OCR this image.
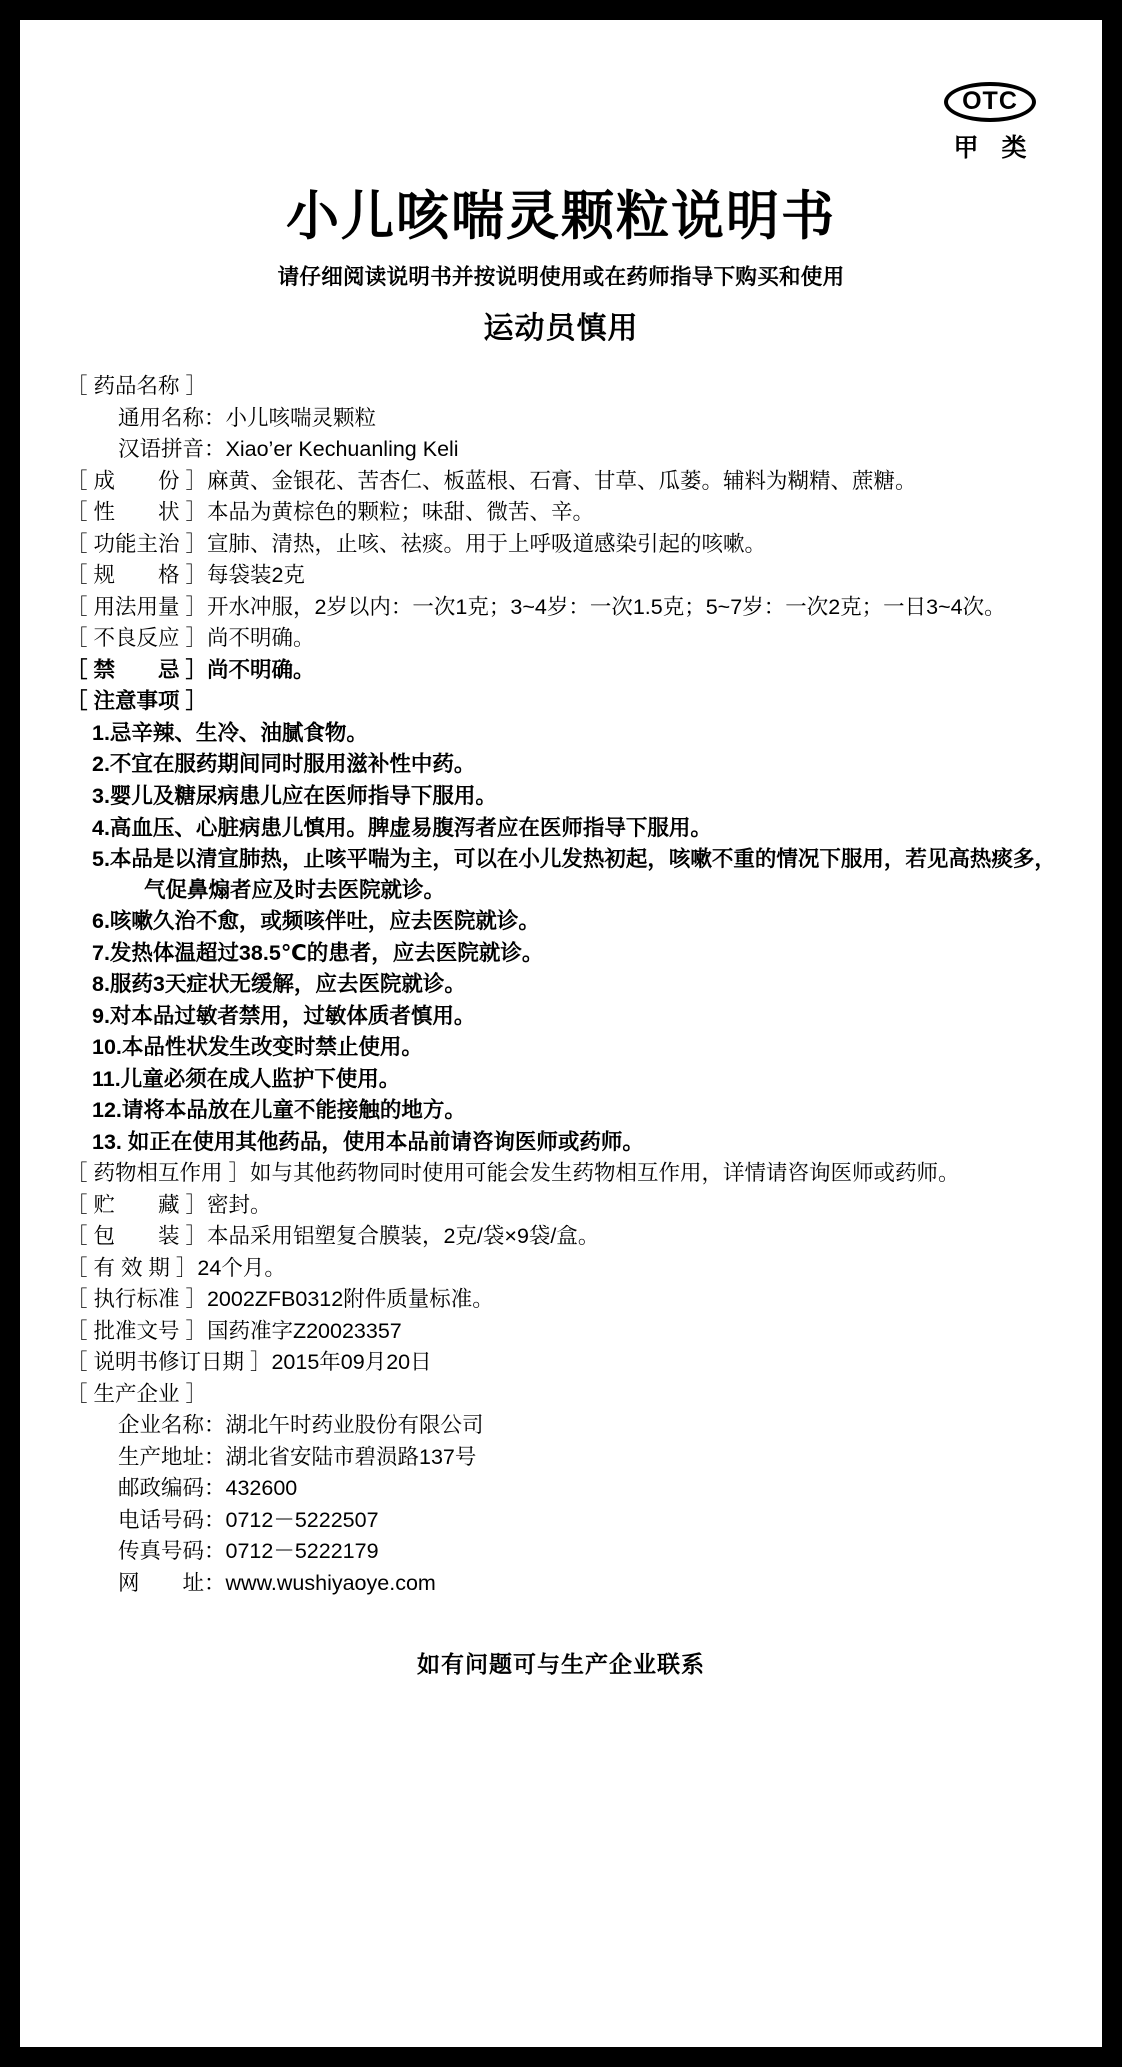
OTC
甲 类
小儿咳喘灵颗粒说明书
请仔细阅读说明书并按说明使用或在药师指导下购买和使用
运动员慎用
［ 药品名称 ］
通用名称：小儿咳喘灵颗粒
汉语拼音：Xiao’er Kechuanling Keli
［ 成　　份 ］麻黄、金银花、苦杏仁、板蓝根、石膏、甘草、瓜蒌。辅料为糊精、蔗糖。
［ 性　　状 ］本品为黄棕色的颗粒；味甜、微苦、辛。
［ 功能主治 ］宣肺、清热，止咳、祛痰。用于上呼吸道感染引起的咳嗽。
［ 规　　格 ］每袋装2克
［ 用法用量 ］开水冲服，2岁以内：一次1克；3~4岁：一次1.5克；5~7岁：一次2克；一日3~4次。
［ 不良反应 ］尚不明确。
［ 禁　　忌 ］尚不明确。
［ 注意事项 ］
1.忌辛辣、生冷、油腻食物。
2.不宜在服药期间同时服用滋补性中药。
3.婴儿及糖尿病患儿应在医师指导下服用。
4.高血压、心脏病患儿慎用。脾虚易腹泻者应在医师指导下服用。
5.本品是以清宣肺热，止咳平喘为主，可以在小儿发热初起，咳嗽不重的情况下服用，若见高热痰多，气促鼻煽者应及时去医院就诊。
6.咳嗽久治不愈，或频咳伴吐，应去医院就诊。
7.发热体温超过38.5℃的患者，应去医院就诊。
8.服药3天症状无缓解，应去医院就诊。
9.对本品过敏者禁用，过敏体质者慎用。
10.本品性状发生改变时禁止使用。
11.儿童必须在成人监护下使用。
12.请将本品放在儿童不能接触的地方。
13. 如正在使用其他药品，使用本品前请咨询医师或药师。
［ 药物相互作用 ］如与其他药物同时使用可能会发生药物相互作用，详情请咨询医师或药师。
［ 贮　　藏 ］密封。
［ 包　　装 ］本品采用铝塑复合膜装，2克/袋×9袋/盒。
［ 有 效 期 ］24个月。
［ 执行标准 ］2002ZFB0312附件质量标准。
［ 批准文号 ］国药准字Z20023357
［ 说明书修订日期 ］2015年09月20日
［ 生产企业 ］
企业名称：湖北午时药业股份有限公司
生产地址：湖北省安陆市碧涢路137号
邮政编码：432600
电话号码：0712－5222507
传真号码：0712－5222179
网　　址：www.wushiyaoye.com
如有问题可与生产企业联系
